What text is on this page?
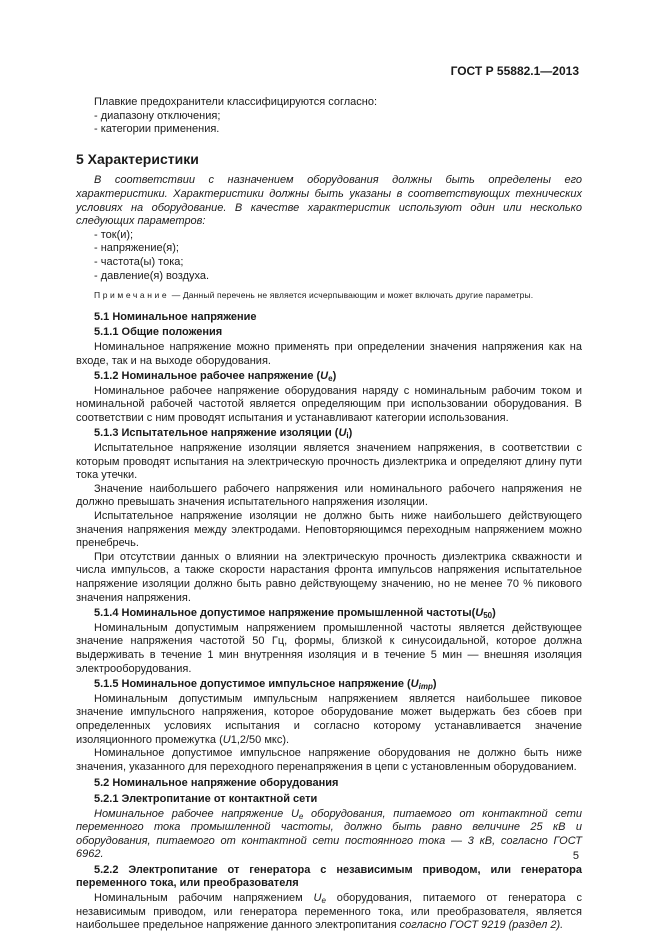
ГОСТ Р 55882.1—2013

Плавкие предохранители классифицируются согласно:

- диапазону отключения;

- категории применения.

5 Характеристики

В соответствии с назначением оборудования должны быть определены его характеристики. Характеристики должны быть указаны в соответствующих технических условиях на оборудование. В качестве характеристик используют один или несколько следующих параметров:

- ток(и);

- напряжение(я);

- частота(ы) тока;

- давление(я) воздуха.

Примечание — Данный перечень не является исчерпывающим и может включать другие параметры.

5.1 Номинальное напряжение

5.1.1 Общие положения

Номинальное напряжение можно применять при определении значения напряжения как на входе, так и на выходе оборудования.

5.1.2 Номинальное рабочее напряжение $(U_e)$

Номинальное рабочее напряжение оборудования наряду с номинальным рабочим током и номинальной рабочей частотой является определяющим при использовании оборудования. В соответствии с ним проводят испытания и устанавливают категории использования.

5.1.3 Испытательное напряжение изоляции $(U_i)$

Испытательное напряжение изоляции является значением напряжения, в соответствии с которым проводят испытания на электрическую прочность диэлектрика и определяют длину пути тока утечки.

Значение наибольшего рабочего напряжения или номинального рабочего напряжения не должно превышать значения испытательного напряжения изоляции.

Испытательное напряжение изоляции не должно быть ниже наибольшего действующего значения напряжения между электродами. Неповторяющимся переходным напряжением можно пренебречь.

При отсутствии данных о влиянии на электрическую прочность диэлектрика скважности и числа импульсов, а также скорости нарастания фронта импульсов напряжения испытательное напряжение изоляции должно быть равно действующему значению, но не менее 70 % пикового значения напряжения.

5.1.4 Номинальное допустимое напряжение промышленной $частоты(U_{50})$

Номинальным допустимым напряжением промышленной частоты является действующее значение напряжения частотой 50 Гц, формы, близкой к синусоидальной, которое должна выдерживать в течение 1 мин внутренняя изоляция и в течение 5 мин — внешняя изоляция электрооборудования.

5.1.5 Номинальное допустимое импульсное напряжение $(U_{imp})$

Номинальным допустимым импульсным напряжением является наибольшее пиковое значение импульсного напряжения, которое оборудование может выдержать без сбоев при определенных условиях испытания и согласно которому устанавливается значение изоляционного промежутка (U1,2/50 мкс).

Номинальное допустимое импульсное напряжение оборудования не должно быть ниже значения, указанного для переходного перенапряжения в цепи с установленным оборудованием.

5.2 Номинальное напряжение оборудования

5.2.1 Электропитание от контактной сети

Номинальное рабочее напряжение $U_e$ оборудования, питаемого от контактной сети переменного тока промышленной частоты, должно быть равно величине 25 кВ и оборудования, питаемого от контактной сети постоянного тока — 3 кВ, согласно ГОСТ 6962.

5.2.2 Электропитание от генератора с независимым приводом, или генератора переменного тока, или преобразователя

Номинальным рабочим напряжением $U_e$ оборудования, питаемого от генератора с независимым приводом, или генератора переменного тока, или преобразователя, является наибольшее предельное напряжение данного электропитания согласно ГОСТ 9219 (раздел 2).

5
